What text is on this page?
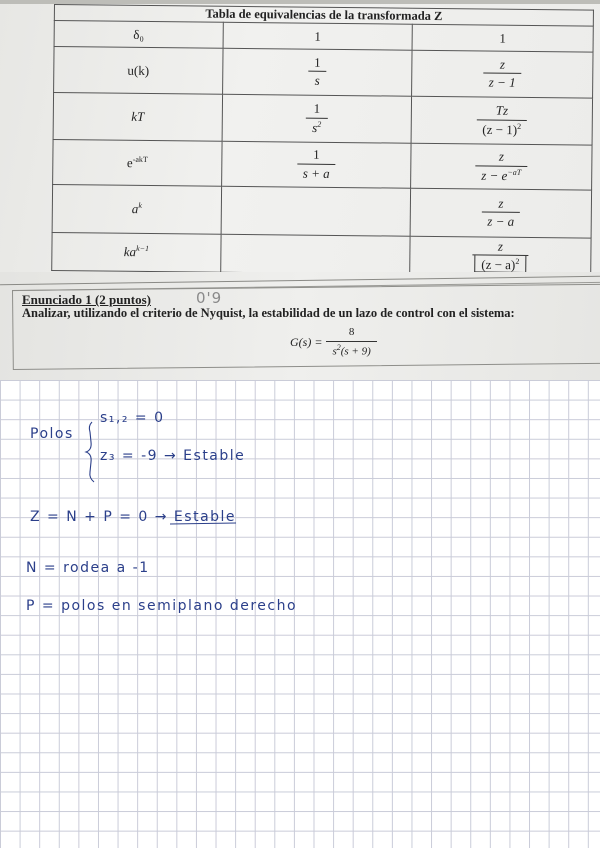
Tabla de equivalencias de la transformada Z		
δ₀	1	1
u(k)	$\frac{1}{s}$	$\frac{z}{z - 1}$

kT	$\frac{1}{s^2}$	$\frac{Tz}{(z - 1)^2}$

$e^{-akT}$	$\frac{1}{s + a}$	$\frac{z}{z - e^{-aT}}$

$a^k$		$\frac{z}{z - a}$

$ka^{k-1}$		$\frac{z}{(z - a)^2}$
Enunciado 1 (2 puntos)	0'9
Analizar, utilizando el criterio de Nyquist, la estabilidad de un lazo de control con el sistema:
$G(s) = \frac{8}{s^2(s + 9)}$
Polos
s₁,₂ = 0
z₃ = -9 → Estable
Z = N + P = 0 → Estable
N = rodea a -1
P = polos en semiplano derecho
